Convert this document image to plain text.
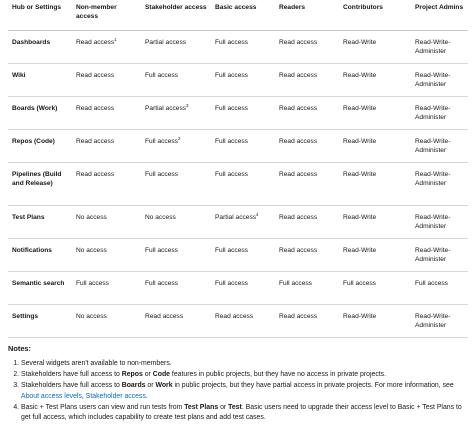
Hub or Settings	Non-member access	Stakeholder access	Basic access	Readers	Contributors	Project Admins
Dashboards	Read access$^1$	Partial access	Full access	Read access	Read-Write	Read-Write-Administer
Wiki	Read access	Full access	Full access	Read access	Read-Write	Read-Write-Administer
Boards (Work)	Read access	Partial access$^3$	Full access	Read access	Read-Write	Read-Write-Administer
Repos (Code)	Read access	Full access$^2$	Full access	Read access	Read-Write	Read-Write-Administer
Pipelines (Build and Release)	Read access	Full access	Full access	Read access	Read-Write	Read-Write-Administer
Test Plans	No access	No access	Partial access$^4$	Read access	Read-Write	Read-Write-Administer
Notifications	No access	Full access	Full access	Read access	Read-Write	Read-Write-Administer
Semantic search	Full access	Full access	Full access	Full access	Full access	Full access
Settings	No access	Read access	Read access	Read access	Read-Write	Read-Write-Administer
Notes:
1. Several widgets aren't available to non-members.
2. Stakeholders have full access to Repos or Code features in public projects, but they have no access in private projects.
3. Stakeholders have full access to Boards or Work in public projects, but they have partial access in private projects. For more information, see About access levels, Stakeholder access.
4. Basic + Test Plans users can view and run tests from Test Plans or Test. Basic users need to upgrade their access level to Basic + Test Plans to get full access, which includes capability to create test plans and add test cases.
